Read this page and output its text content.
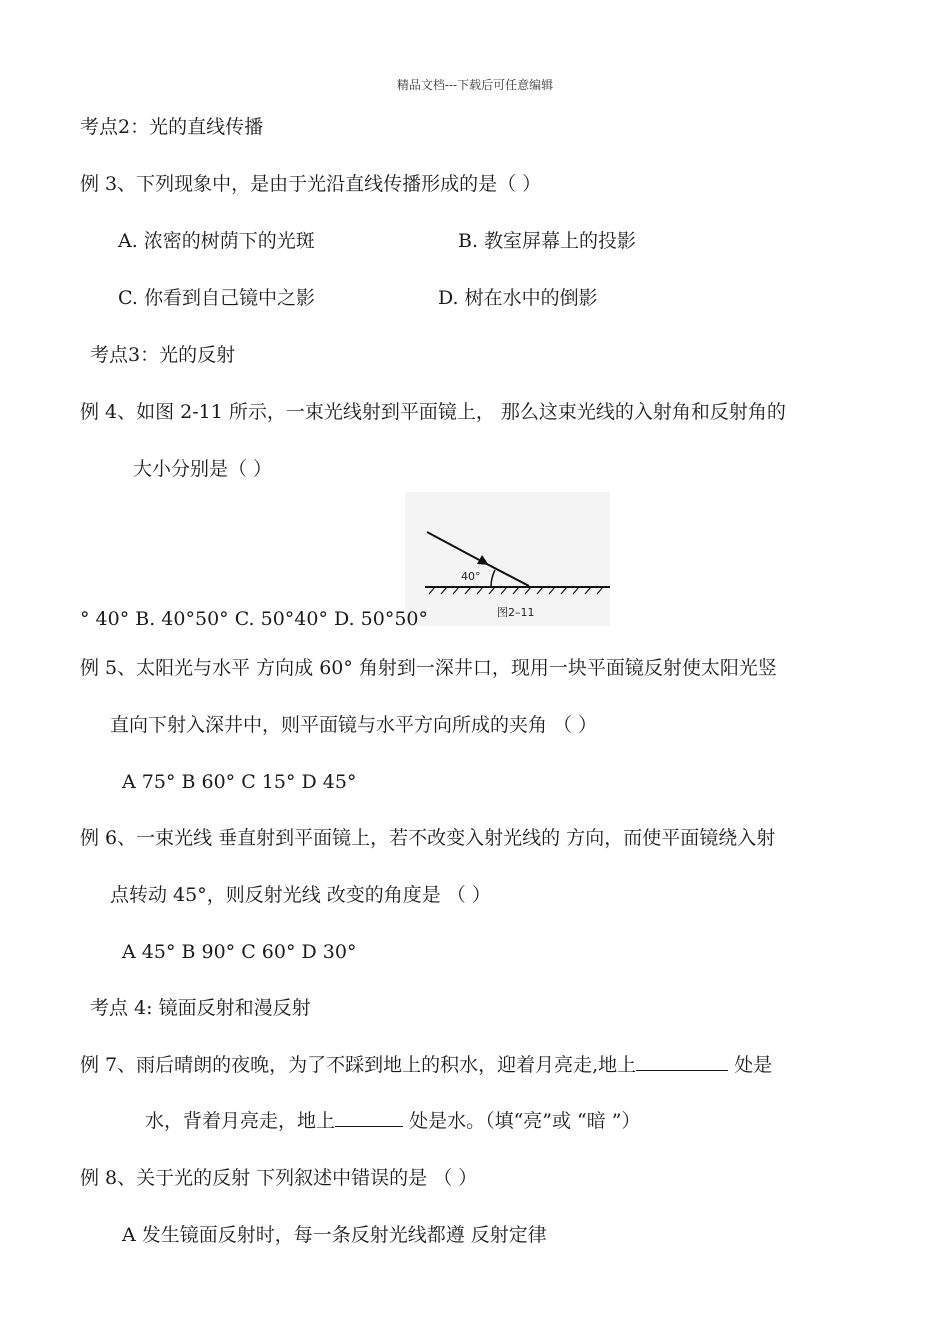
精品文档---下载后可任意编辑
考点2：光的直线传播
例 3、下列现象中，是由于光沿直线传播形成的是（ ）
A. 浓密的树荫下的光斑	B. 教室屏幕上的投影
C. 你看到自己镜中之影	D. 树在水中的倒影
考点3：光的反射
例 4、如图 2-11 所示，一束光线射到平面镜上， 那么这束光线的入射角和反射角的
大小分别是（ ）
40°
图2–11
° 40° B. 40°50° C. 50°40° D. 50°50°
例 5、太阳光与水平 方向成 60° 角射到一深井口，现用一块平面镜反射使太阳光竖
直向下射入深井中，则平面镜与水平方向所成的夹角 （ ）
A 75° B 60° C 15° D 45°
例 6、一束光线 垂直射到平面镜上，若不改变入射光线的 方向，而使平面镜绕入射
点转动 45°，则反射光线 改变的角度是 （ ）
A 45° B 90° C 60° D 30°
考点 4: 镜面反射和漫反射
例 7、雨后晴朗的夜晚，为了不踩到地上的积水，迎着月亮走,地上	处是
水，背着月亮走，地上	处是水。（填“亮”或 “暗 ”）
例 8、关于光的反射 下列叙述中错误的是 （ ）
A 发生镜面反射时，每一条反射光线都遵 反射定律
